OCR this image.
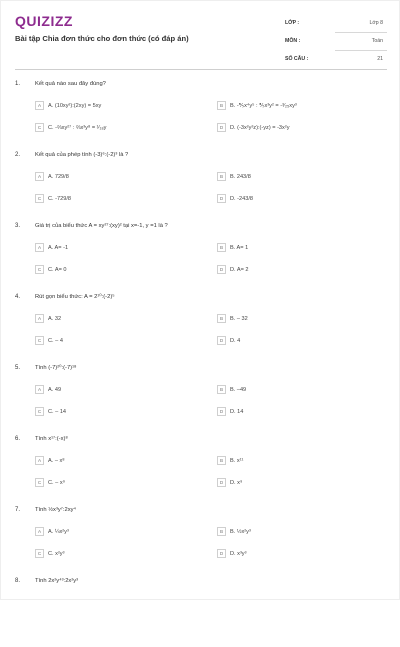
QUIZIZZ
Bài tập Chia đơn thức cho đơn thức (có đáp án)
LỚP :	Lớp 8
MÔN :	Toán
SỐ CÂU :	21
1.	Kết quả nào sau đây đúng?
A	A. (10xy²):(2xy) = 5xy	B	B. -⅗x⁴y⁵ : ⅗x³y² = -³⁄₂₅xy³
C	C. -⅔xy²⁷ : ⅔x³y⁸ = ¹⁄₁₈y	D	D. (-3x²y²z):(-yz) = -3x²y
2.	Kết quả của phép tính (-3)⁶:(-2)³ là ?
A	A. 729/8	B	B. 243/8
C	C. -729/8	D	D. -243/8
3.	Giá trị của biểu thức A = xy²⁷:(xy)² tại x=-1, y =1 là ?
A	A. A= -1	B	B. A= 1
C	C. A= 0	D	D. A= 2
4.	Rút gọn biểu thức: A = 2¹⁰:(-2)⁵
A	A. 32	B	B. – 32
C	C. – 4	D	D. 4
5.	Tính (-7)²⁰:(-7)¹⁸
A	A. 49	B	B. –49
C	C. – 14	D	D. 14
6.	Tính x¹⁷:(-x)⁸
A	A. – x⁸	B	B. x¹¹
C	C. – x⁹	D	D. x⁹
7.	Tính ½x³y⁷:2xy⁴
A	A. ¼x²y³	B	B. ½x²y³
C	C. x²y³	D	D. x³y³
8.	Tính 2x²y⁴³:2x²y³
